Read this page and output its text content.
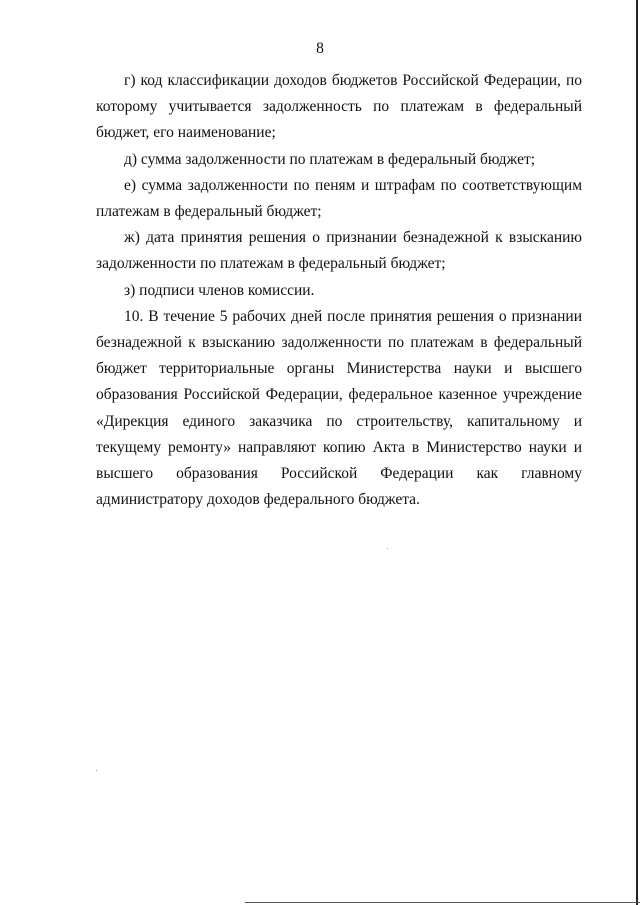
8

г) код классификации доходов бюджетов Российской Федерации, по которому учитывается задолженность по платежам в федеральный бюджет, его наименование;

д) сумма задолженности по платежам в федеральный бюджет;

е) сумма задолженности по пеням и штрафам по соответствующим платежам в федеральный бюджет;

ж) дата принятия решения о признании безнадежной к взысканию задолженности по платежам в федеральный бюджет;

з) подписи членов комиссии.

10. В течение 5 рабочих дней после принятия решения о признании безнадежной к взысканию задолженности по платежам в федеральный бюджет территориальные органы Министерства науки и высшего образования Российской Федерации, федеральное казенное учреждение «Дирекция единого заказчика по строительству, капитальному и текущему ремонту» направляют копию Акта в Министерство науки и высшего образования Российской Федерации как главному администратору доходов федерального бюджета.
